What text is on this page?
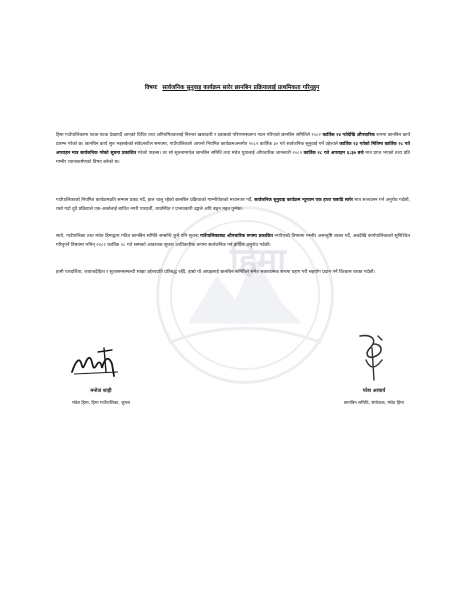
हिमा
विषयः सार्वजनिक सुनुवाइ कार्यक्रम सारेर छानबिन प्रक्रियालाई प्राथमिकता गरिनुहुन

हिमा गाउँपालिकामा पटक-पटक देखापर्दै आएको विधिर तथा अनियमिततालाई निरन्तर खबरदारी र दबाबको परिणामस्वरूप गठन गरिएको छानबिन समितिले २०८२ कार्तिक २४ गतेदेखि औपचारिक रूपमा छानबिन कार्य प्रारम्भ गरेको छ। छानबिन कार्य सुरु भइसकेको संवेदनशील समयमा, गाउँपालिकाले आफ्नो नियमित कार्यक्रमअन्तर्गत २०८२ कार्तिक ३० गते सार्वजनिक सुनुवाई गर्ने उद्देश्यले कार्तिक २३ गतेको मितिमा कार्तिक २८ गते अपराहन मात्र सार्वजनिक गरेको सूचना प्रकाशित गरेको पाइन्छ। तर सो सूचनामार्फत छानबिन समिति तथा मंचेत युवालाई औपचारिक जानकारी २०८२ कार्तिक २८ गते अपराहन ६:३७ बजे मात्र प्राप्त भएको तथ्य प्रति गम्भीर ध्यानाकर्षणको विषय बनेको छ।

गाउँपालिकाको नियमित कार्यक्रमप्रति सम्मान प्रकट गर्दै, हाल चालु रहेको छानबिन प्रक्रियाको गाम्भीर्यताको मध्यनजर गर्दै, सार्वजनिक सुनुवाइ कार्यक्रम न्यूनतम एक हप्ता पछाडि सारेर मात्र सञ्चालन गर्न अनुरोध गर्दछौं, यसो गर्दा दुवै प्रक्रियाले एक-अर्कालाई बाधित नगरी पारदर्शी, व्यवस्थित र प्रभावकारी ढङ्गले अघि बढ्न मद्दत पुग्नेछ।

साथै, गाउँपालिका तथा मंचेत हिमाद्वारा गठित छानबिन समिति सम्बन्धि कुनै पनि सूचना गाउँपालिकाबाट औपचारिक रूपमा प्रकाशित नगरिएको विषयमा गम्भीर असन्तुष्टि व्यक्त गर्दै, अबदेखि कार्यपालिकाको सुनिश्चित गरिनुपर्ने विषयमा भनिन् २०८२ कार्तिक २८ गते सम्मको आवश्यक सूचना आधिकारिक रूपमा सार्वजनिक गर्न हार्दिक अनुरोध गर्दछौं।

हामी पारदर्शिता, जवाफदेहिता र सुशासनसम्बन्धी साझा उद्देश्यप्रति प्रतिबद्ध रहँदै, हाम्रो यो आग्रहलाई छानबिन समितिले समेत सकारात्मक रूपमा ग्रहण गरी सहयोग प्रदान गर्ने विश्वास व्यक्त गर्दछौं।

मनोज शाही
मंचेत हिमा, हिमा गाउँपालिका, जुम्ला
परेश आचार्य
छानबिन समिति, संयोजक, मंचेत हिमा
